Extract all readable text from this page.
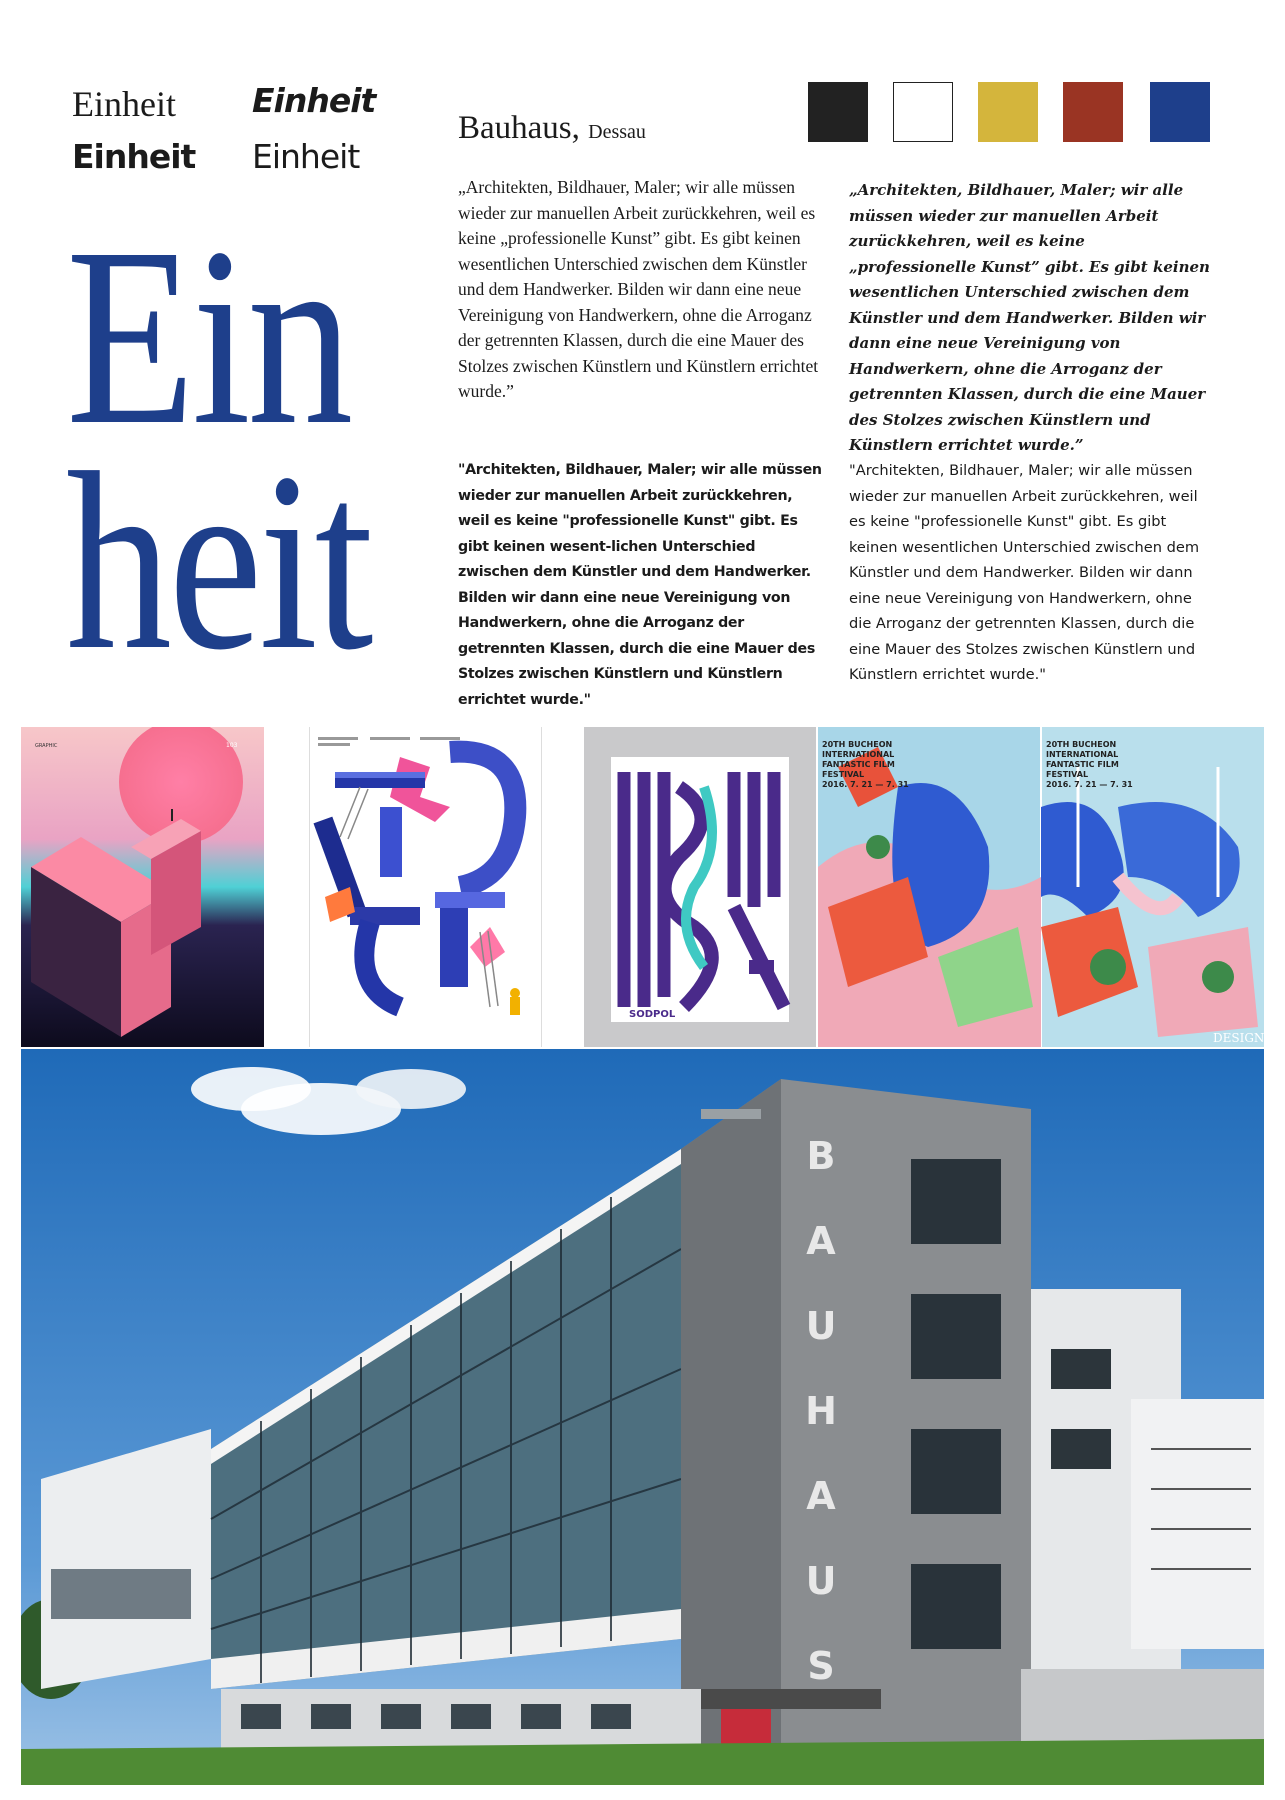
Einheit Einheit
Einheit Einheit
Ein
heit
Bauhaus, Dessau
„Architekten, Bildhauer, Maler; wir alle müssen wieder zur manuellen Arbeit zurückkehren, weil es keine „professionelle Kunst” gibt. Es gibt keinen wesentlichen Unterschied zwischen dem Künstler und dem Handwerker. Bilden wir dann eine neue Vereinigung von Handwerkern, ohne die Arroganz der getrennten Klassen, durch die eine Mauer des Stolzes zwischen Künstlern und Künstlern errichtet wurde.”
„Architekten, Bildhauer, Maler; wir alle müssen wieder zur manuellen Arbeit zurückkehren, weil es keine „professionelle Kunst” gibt. Es gibt keinen wesentlichen Unterschied zwischen dem Künstler und dem Handwerker. Bilden wir dann eine neue Vereinigung von Handwerkern, ohne die Arroganz der getrennten Klassen, durch die eine Mauer des Stolzes zwischen Künstlern und Künstlern errichtet wurde.”
"Architekten, Bildhauer, Maler; wir alle müssen wieder zur manuellen Arbeit zurückkehren, weil es keine "professionelle Kunst" gibt. Es gibt keinen wesent-lichen Unterschied zwischen dem Künstler und dem Handwerker. Bilden wir dann eine neue Vereinigung von Handwerkern, ohne die Arroganz der getrennten Klassen, durch die eine Mauer des Stolzes zwischen Künstlern und Künstlern errichtet wurde."
"Architekten, Bildhauer, Maler; wir alle müssen wieder zur manuellen Arbeit zurückkehren, weil es keine "professionelle Kunst" gibt. Es gibt keinen wesentlichen Unterschied zwischen dem Künstler und dem Handwerker. Bilden wir dann eine neue Vereinigung von Handwerkern, ohne die Arroganz der getrennten Klassen, durch die eine Mauer des Stolzes zwischen Künstlern und Künstlern errichtet wurde."
GRAPHIC	103
SODPOL
20TH BUCHEON
INTERNATIONAL
FANTASTIC FILM
FESTIVAL
2016. 7. 21 — 7. 31
20TH BUCHEON
INTERNATIONAL
FANTASTIC FILM
FESTIVAL
2016. 7. 21 — 7. 31
DESIGN
B
A
U
H
A
U
S
